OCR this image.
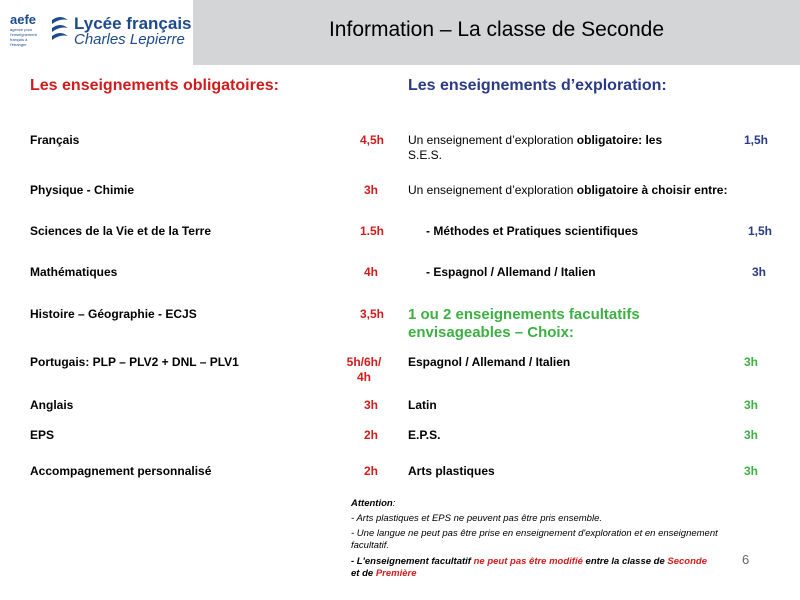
aefe
agence pour l'enseignement français à l'étranger
Lycée français
Charles Lepierre	Information – La classe de Seconde
Les enseignements obligatoires:
Français	4,5h
Physique - Chimie	3h
Sciences de la Vie et de la Terre	1.5h
Mathématiques	4h
Histoire – Géographie - ECJS	3,5h
Portugais: PLP – PLV2 + DNL – PLV1	5h/6h/
4h
Anglais	3h
EPS	2h
Accompagnement personnalisé	2h
Les enseignements d’exploration:
Un enseignement d’exploration obligatoire: les
S.E.S.
1,5h
Un enseignement d’exploration obligatoire à choisir entre:
- Méthodes et Pratiques scientifiques	1,5h
- Espagnol / Allemand / Italien	3h
1 ou 2 enseignements facultatifs envisageables – Choix:
Espagnol / Allemand / Italien	3h
Latin	3h
E.P.S.	3h
Arts plastiques	3h
Attention:
- Arts plastiques et EPS ne peuvent pas être pris ensemble.
- Une langue ne peut pas être prise en enseignement d'exploration et en enseignement facultatif.
- L'enseignement facultatif ne peut pas être modifié entre la classe de Seconde
et de Première
6
